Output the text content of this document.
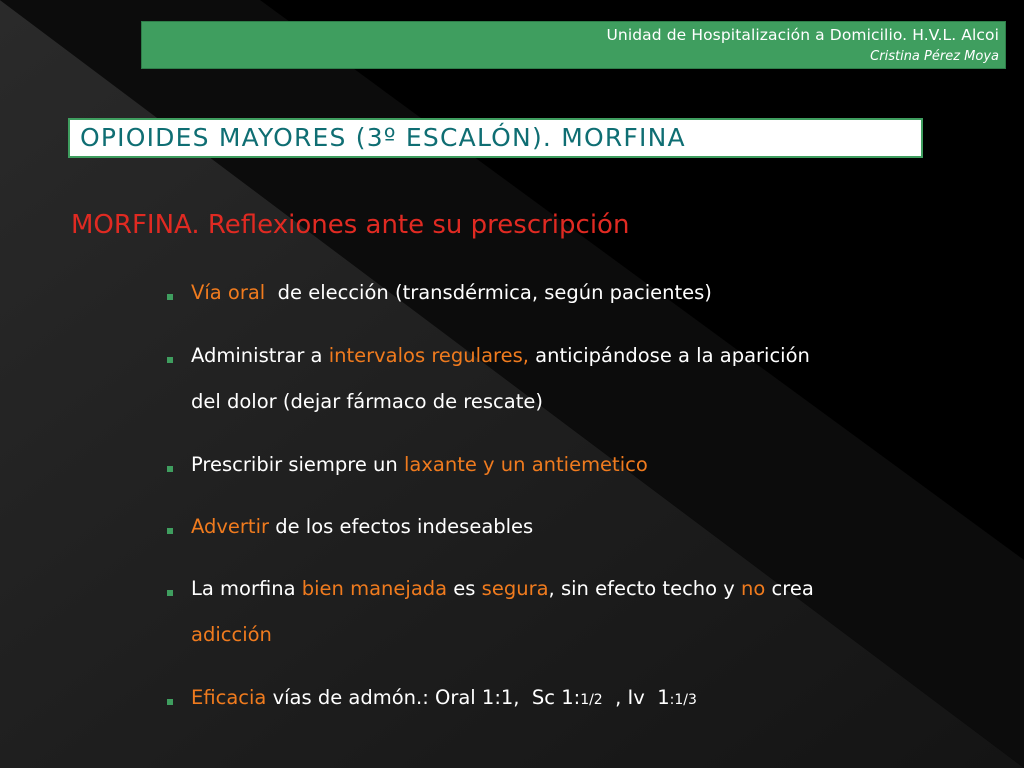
Unidad de Hospitalización a Domicilio. H.V.L. Alcoi
Cristina Pérez Moya
OPIOIDES MAYORES (3º ESCALÓN). MORFINA
MORFINA. Reflexiones ante su prescripción
Vía oral  de elección (transdérmica, según pacientes)
Administrar a intervalos regulares, anticipándose a la aparición
del dolor (dejar fármaco de rescate)
Prescribir siempre un laxante y un antiemetico
Advertir de los efectos indeseables
La morfina bien manejada es segura, sin efecto techo y no crea
adicción
Eficacia vías de admón.: Oral 1:1,  Sc 1:1/2  , Iv  1:1/3
